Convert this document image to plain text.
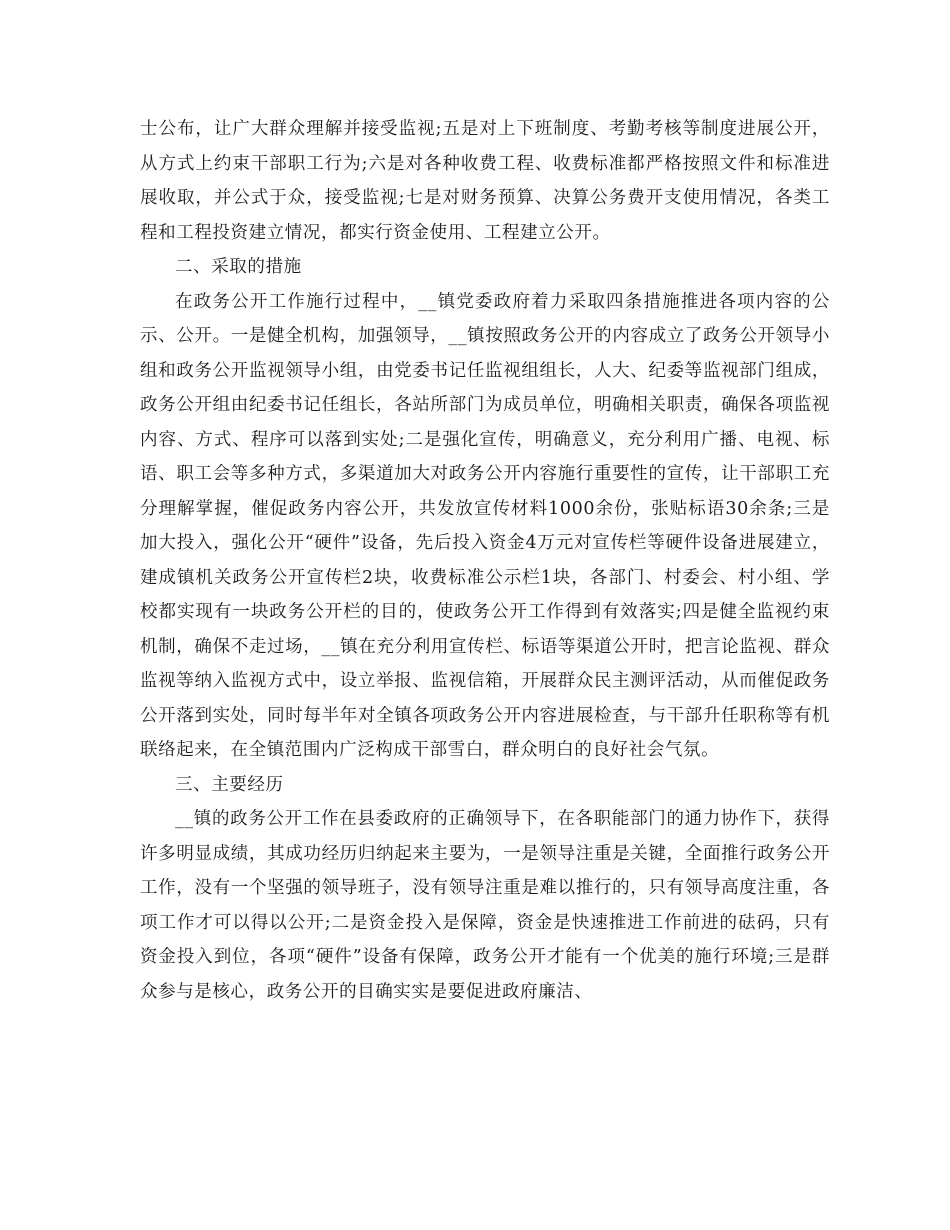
士公布，让广大群众理解并接受监视;五是对上下班制度、考勤考核等制度进展公开，从方式上约束干部职工行为;六是对各种收费工程、收费标准都严格按照文件和标准进展收取，并公式于众，接受监视;七是对财务预算、决算公务费开支使用情况，各类工程和工程投资建立情况，都实行资金使用、工程建立公开。

二、采取的措施

在政务公开工作施行过程中，__镇党委政府着力采取四条措施推进各项内容的公示、公开。一是健全机构，加强领导，__镇按照政务公开的内容成立了政务公开领导小组和政务公开监视领导小组，由党委书记任监视组组长，人大、纪委等监视部门组成，政务公开组由纪委书记任组长，各站所部门为成员单位，明确相关职责，确保各项监视内容、方式、程序可以落到实处;二是强化宣传，明确意义，充分利用广播、电视、标语、职工会等多种方式，多渠道加大对政务公开内容施行重要性的宣传，让干部职工充分理解掌握，催促政务内容公开，共发放宣传材料1000余份，张贴标语30余条;三是加大投入，强化公开“硬件”设备，先后投入资金4万元对宣传栏等硬件设备进展建立，建成镇机关政务公开宣传栏2块，收费标准公示栏1块，各部门、村委会、村小组、学校都实现有一块政务公开栏的目的，使政务公开工作得到有效落实;四是健全监视约束机制，确保不走过场，__镇在充分利用宣传栏、标语等渠道公开时，把言论监视、群众监视等纳入监视方式中，设立举报、监视信箱，开展群众民主测评活动，从而催促政务公开落到实处，同时每半年对全镇各项政务公开内容进展检查，与干部升任职称等有机联络起来，在全镇范围内广泛构成干部雪白，群众明白的良好社会气氛。

三、主要经历

__镇的政务公开工作在县委政府的正确领导下，在各职能部门的通力协作下，获得许多明显成绩，其成功经历归纳起来主要为，一是领导注重是关键，全面推行政务公开工作，没有一个坚强的领导班子，没有领导注重是难以推行的，只有领导高度注重，各项工作才可以得以公开;二是资金投入是保障，资金是快速推进工作前进的砝码，只有资金投入到位，各项“硬件”设备有保障，政务公开才能有一个优美的施行环境;三是群众参与是核心，政务公开的目确实实是要促进政府廉洁、
